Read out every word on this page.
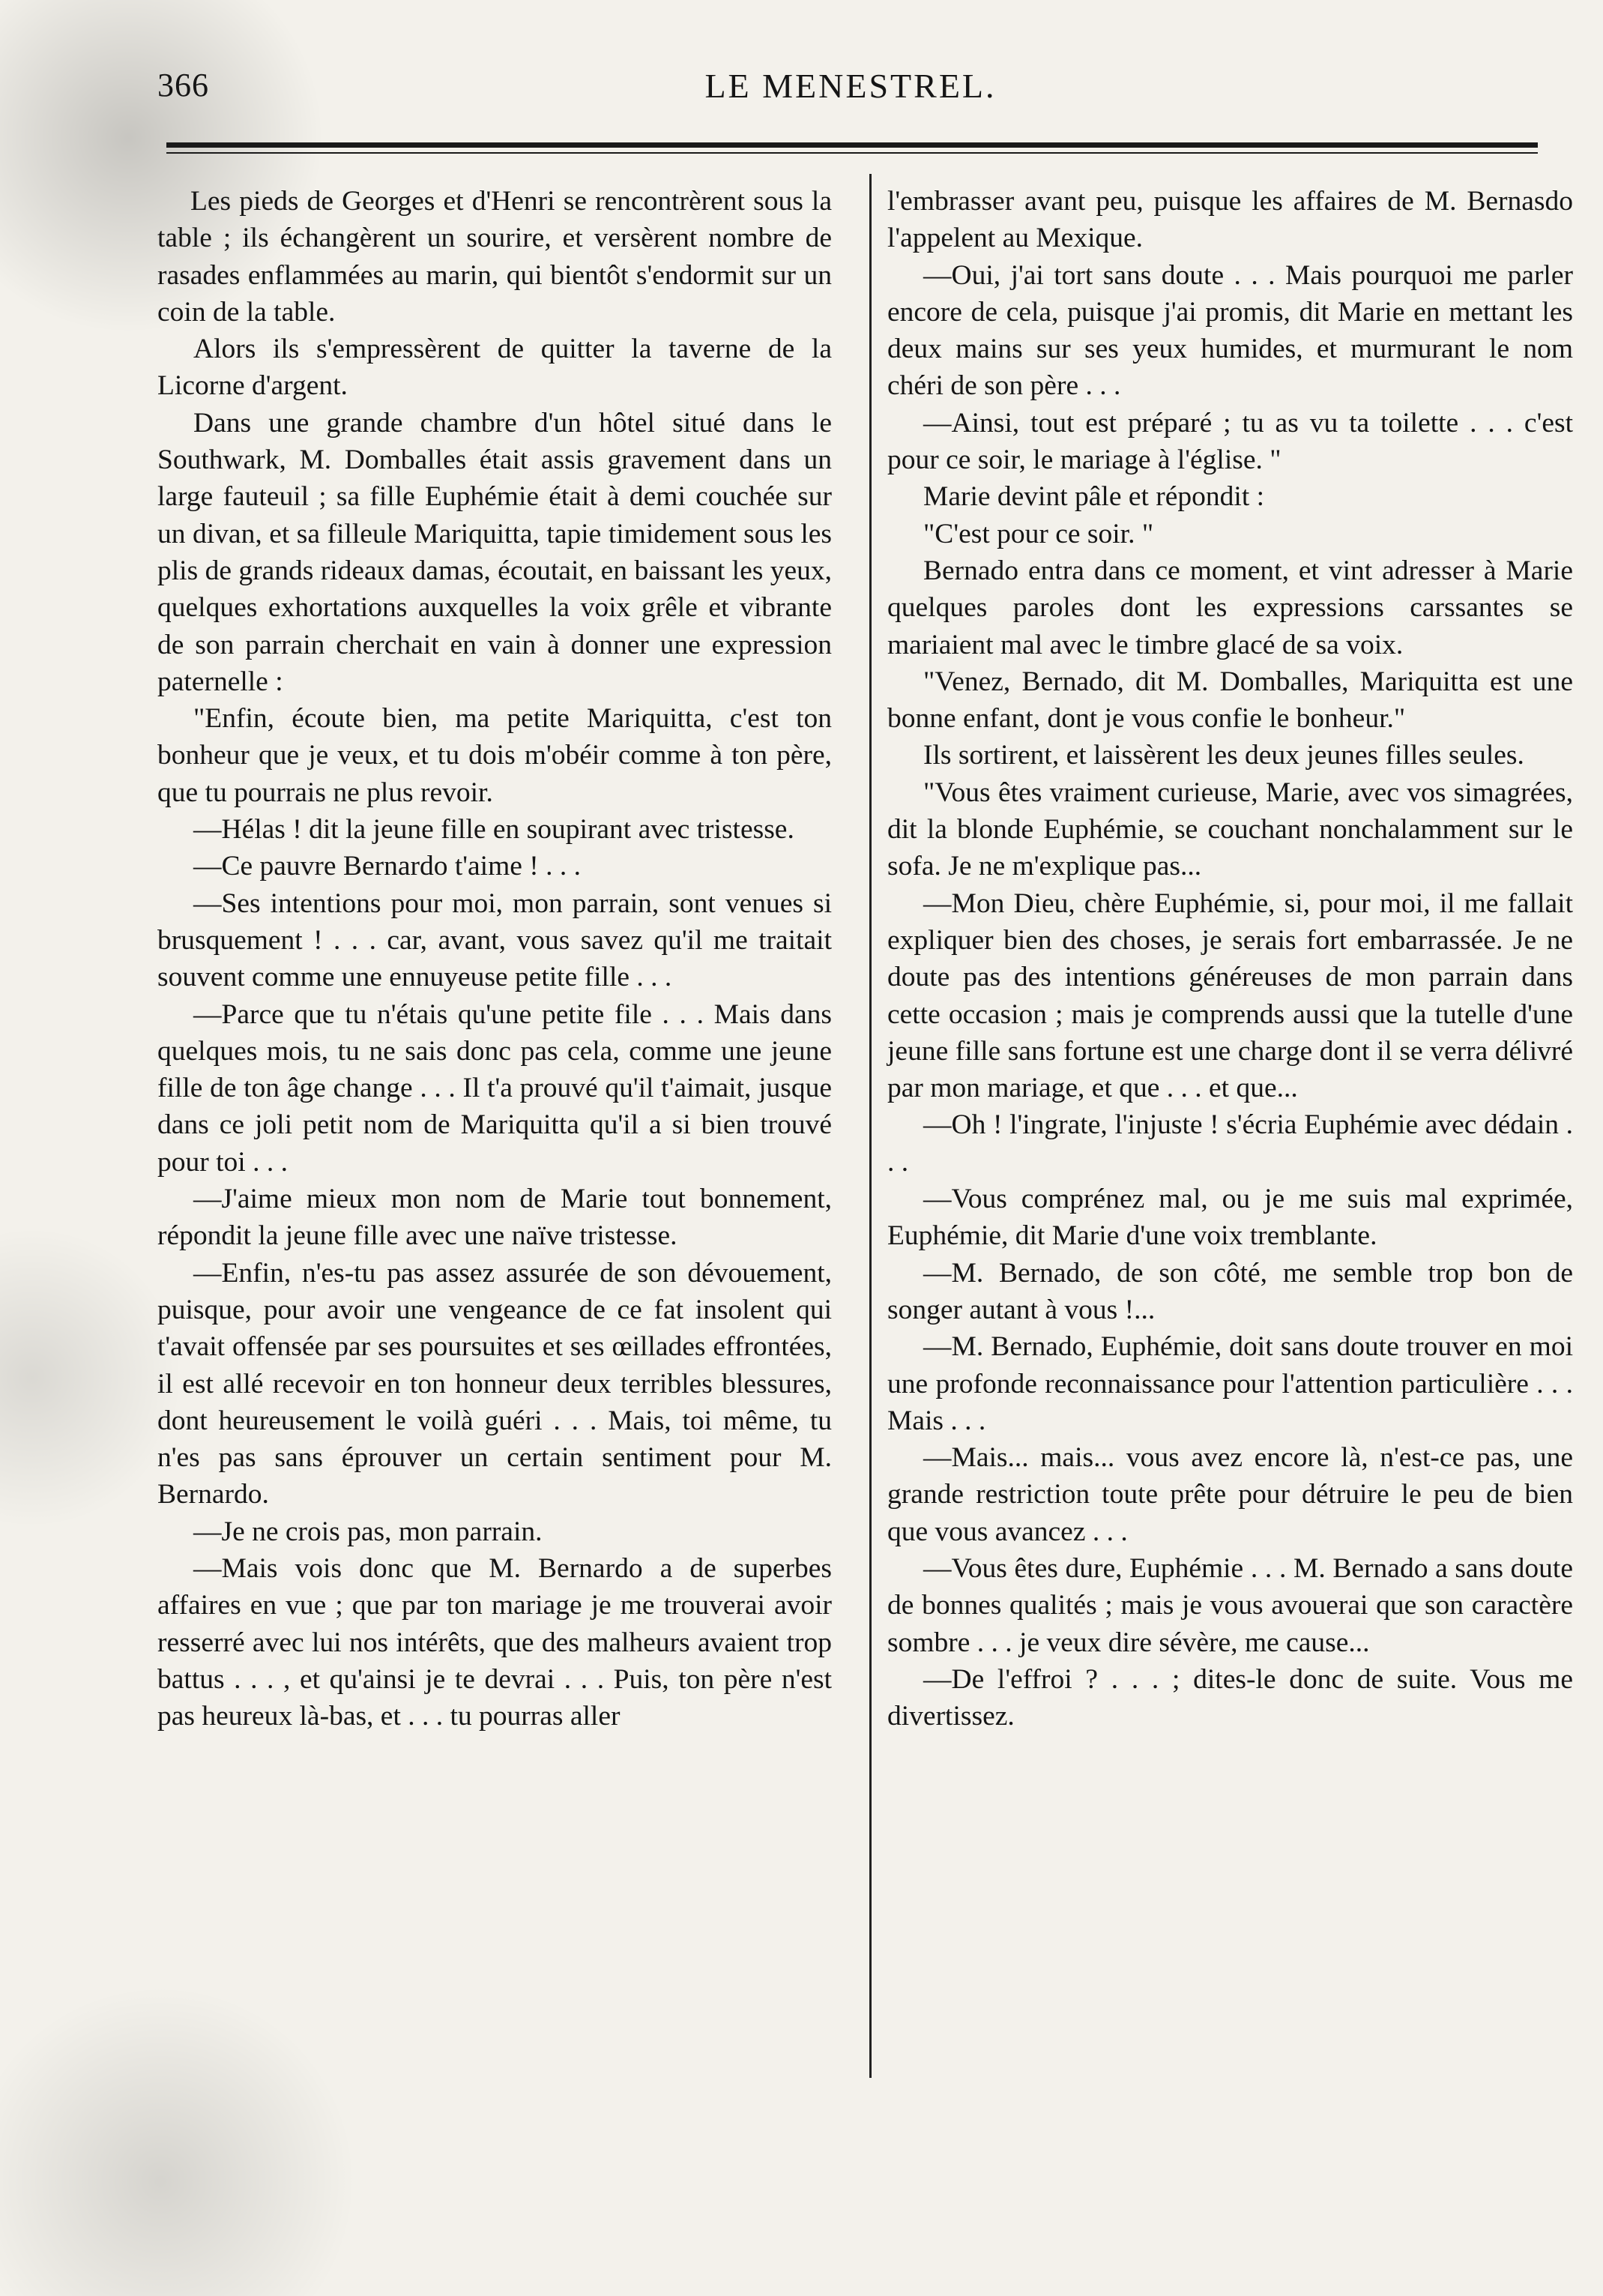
366	LE MENESTREL.

Les pieds de Georges et d'Henri se rencontrèrent sous la table ; ils échangèrent un sourire, et versèrent nombre de rasades enflammées au marin, qui bientôt s'endormit sur un coin de la table.

Alors ils s'empressèrent de quitter la taverne de la Licorne d'argent.

Dans une grande chambre d'un hôtel situé dans le Southwark, M. Domballes était assis gravement dans un large fauteuil ; sa fille Euphémie était à demi couchée sur un divan, et sa filleule Mariquitta, tapie timidement sous les plis de grands rideaux damas, écoutait, en baissant les yeux, quelques exhortations auxquelles la voix grêle et vibrante de son parrain cherchait en vain à donner une expression paternelle :

"Enfin, écoute bien, ma petite Mariquitta, c'est ton bonheur que je veux, et tu dois m'obéir comme à ton père, que tu pourrais ne plus revoir.

—Hélas ! dit la jeune fille en soupirant avec tristesse.

—Ce pauvre Bernardo t'aime ! . . .

—Ses intentions pour moi, mon parrain, sont venues si brusquement ! . . . car, avant, vous savez qu'il me traitait souvent comme une ennuyeuse petite fille . . .

—Parce que tu n'étais qu'une petite file . . . Mais dans quelques mois, tu ne sais donc pas cela, comme une jeune fille de ton âge change . . . Il t'a prouvé qu'il t'aimait, jusque dans ce joli petit nom de Mariquitta qu'il a si bien trouvé pour toi . . .

—J'aime mieux mon nom de Marie tout bonnement, répondit la jeune fille avec une naïve tristesse.

—Enfin, n'es-tu pas assez assurée de son dévouement, puisque, pour avoir une vengeance de ce fat insolent qui t'avait offensée par ses poursuites et ses œillades effrontées, il est allé recevoir en ton honneur deux terribles blessures, dont heureusement le voilà guéri . . . Mais, toi même, tu n'es pas sans éprouver un certain sentiment pour M. Bernardo.

—Je ne crois pas, mon parrain.

—Mais vois donc que M. Bernardo a de superbes affaires en vue ; que par ton mariage je me trouverai avoir resserré avec lui nos intérêts, que des malheurs avaient trop battus . . . , et qu'ainsi je te devrai . . . Puis, ton père n'est pas heureux là-bas, et . . . tu pourras aller

l'embrasser avant peu, puisque les affaires de M. Bernasdo l'appelent au Mexique.

—Oui, j'ai tort sans doute . . . Mais pourquoi me parler encore de cela, puisque j'ai promis, dit Marie en mettant les deux mains sur ses yeux humides, et murmurant le nom chéri de son père . . .

—Ainsi, tout est préparé ; tu as vu ta toilette . . . c'est pour ce soir, le mariage à l'église. "

Marie devint pâle et répondit :

"C'est pour ce soir. "

Bernado entra dans ce moment, et vint adresser à Marie quelques paroles dont les expressions carssantes se mariaient mal avec le timbre glacé de sa voix.

"Venez, Bernado, dit M. Domballes, Mariquitta est une bonne enfant, dont je vous confie le bonheur."

Ils sortirent, et laissèrent les deux jeunes filles seules.

"Vous êtes vraiment curieuse, Marie, avec vos simagrées, dit la blonde Euphémie, se couchant nonchalamment sur le sofa. Je ne m'explique pas...

—Mon Dieu, chère Euphémie, si, pour moi, il me fallait expliquer bien des choses, je serais fort embarrassée. Je ne doute pas des intentions généreuses de mon parrain dans cette occasion ; mais je comprends aussi que la tutelle d'une jeune fille sans fortune est une charge dont il se verra délivré par mon mariage, et que . . . et que...

—Oh ! l'ingrate, l'injuste ! s'écria Euphémie avec dédain . . .

—Vous comprénez mal, ou je me suis mal exprimée, Euphémie, dit Marie d'une voix tremblante.

—M. Bernado, de son côté, me semble trop bon de songer autant à vous !...

—M. Bernado, Euphémie, doit sans doute trouver en moi une profonde reconnaissance pour l'attention particulière . . . Mais . . .

—Mais... mais... vous avez encore là, n'est-ce pas, une grande restriction toute prête pour détruire le peu de bien que vous avancez . . .

—Vous êtes dure, Euphémie . . . M. Bernado a sans doute de bonnes qualités ; mais je vous avouerai que son caractère sombre . . . je veux dire sévère, me cause...

—De l'effroi ? . . . ; dites-le donc de suite. Vous me divertissez.
